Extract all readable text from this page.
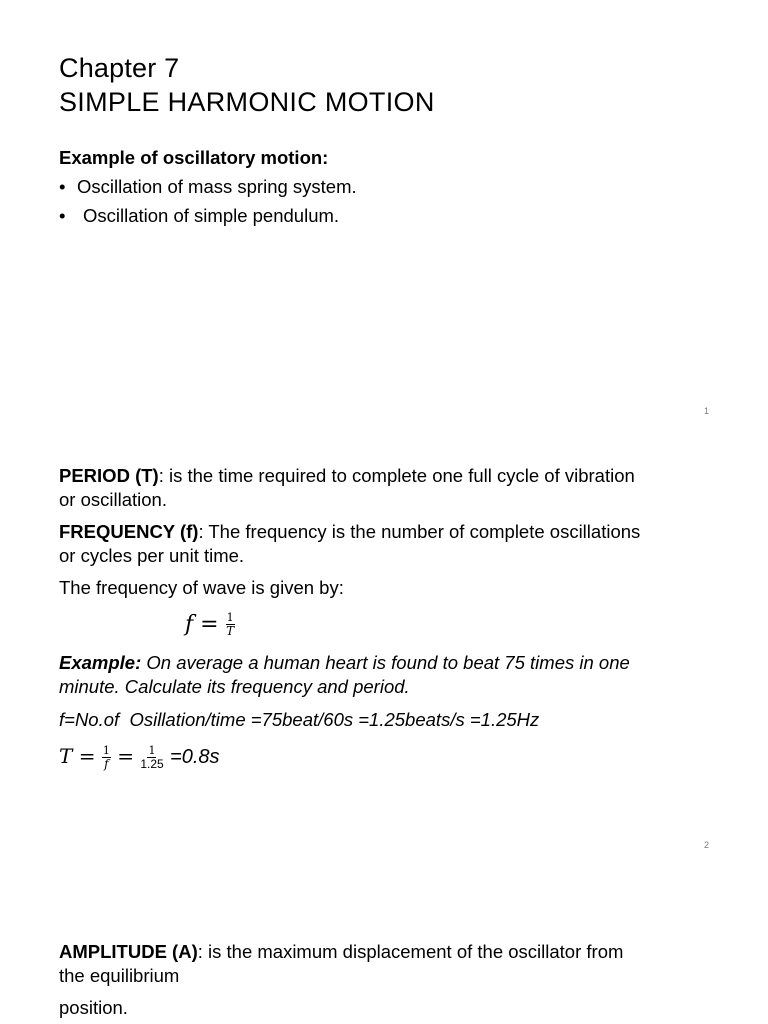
Chapter 7
SIMPLE HARMONIC MOTION
Example of oscillatory motion:
• Oscillation of mass spring system.
• Oscillation of simple pendulum.
1
PERIOD (T): is the time required to complete one full cycle of vibration
or oscillation.
FREQUENCY (f): The frequency is the number of complete oscillations
or cycles per unit time.
The frequency of wave is given by:
$f = \frac{1}{T}$
Example: On average a human heart is found to beat 75 times in one
minute. Calculate its frequency and period.
f=No.of  Osillation/time =75beat/60s =1.25beats/s =1.25Hz
$T = \frac{1}{f} = \frac{1}{1.25} =0.8s$
2
AMPLITUDE (A): is the maximum displacement of the oscillator from
the equilibrium
position.
